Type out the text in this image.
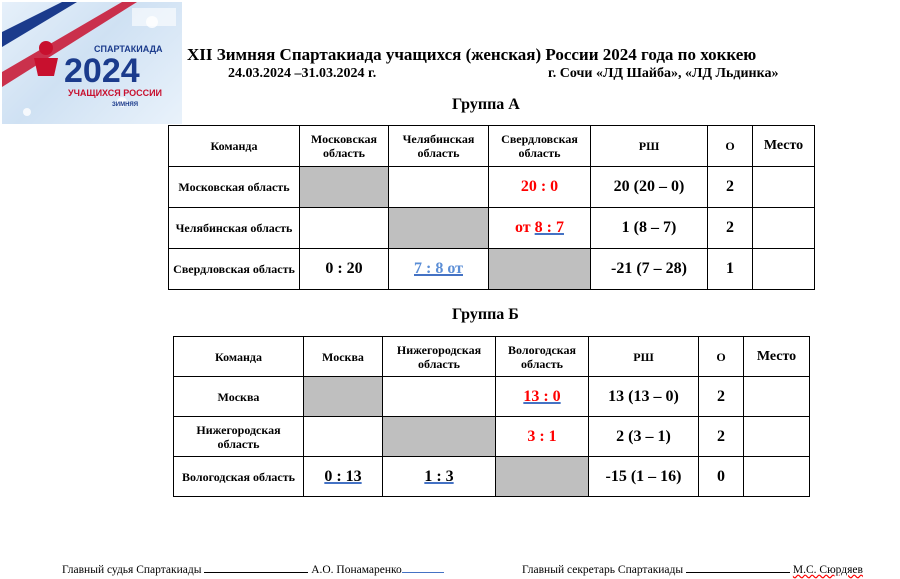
СПАРТАКИАДА
2024
УЧАЩИХСЯ РОССИИ
ЗИМНЯЯ
XII Зимняя Спартакиада учащихся (женская) России 2024 года по хоккею
24.03.2024 –31.03.2024 г.	г. Сочи «ЛД Шайба», «ЛД Льдинка»
Группа А
Команда	Московская область	Челябинская область	Свердловская область	РШ	О	Место
Московская область			20 : 0	20 (20 – 0)	2	
Челябинская область			от 8 : 7	1 (8 – 7)	2	
Свердловская область	0 : 20	7 : 8 от		-21 (7 – 28)	1	
Группа Б
Команда	Москва	Нижегородская область	Вологодская область	РШ	О	Место
Москва			13 : 0	13 (13 – 0)	2	
Нижегородская область			3 : 1	2 (3 – 1)	2	
Вологодская область	0 : 13	1 : 3		-15 (1 – 16)	0	
Главный судья Спартакиады	А.О. Понамаренко	Главный секретарь Спартакиады	М.С. Сюрдяев
